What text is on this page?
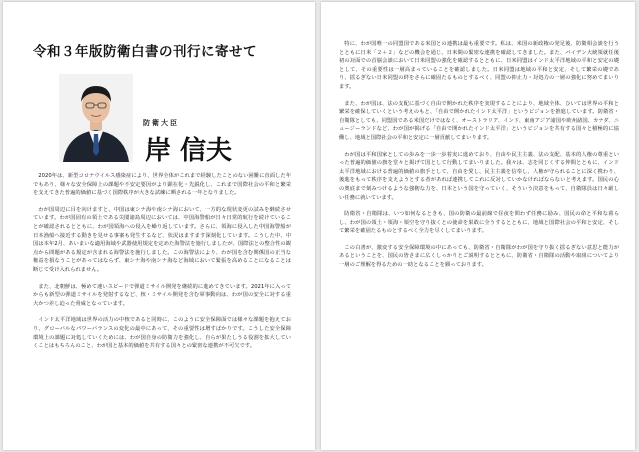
令和３年版防衛白書の刊行に寄せて
防衛大臣
岸 信夫

2020年は、新型コロナウイルス感染症により、世界全体がこれまで経験したことのない困難に直面した年でもあり、様々な安全保障上の課題や不安定要因がより顕在化・先鋭化し、これまで国際社会の平和と繁栄を支えてきた普遍的価値に基づく国際秩序が大きな試練に晒される一年となりました。

わが国周辺に目を向けますと、中国は東シナ海や南シナ海において、一方的な現状変更の試みを継続させています。わが国固有の領土である尖閣諸島周辺においては、中国海警船が日々日常的航行を続けていることが確認されるとともに、わが国領海への侵入を繰り返しています。さらに、領海に侵入した中国海警船が日本漁船へ接近する動きを見せる事案も発生するなど、状況はますます深刻化しています。こうした中、中国は本年2月、あいまいな適用海域や武器使用規定を定めた海警法を施行しましたが、国際法との整合性の観点から問題がある規定が含まれる海警法を施行しました。この海警法により、わが国を含む関係国の正当な権益を損なうことがあってはならず、東シナ海や南シナ海など海域において緊張を高めることになることは断じて受け入れられません。

また、北朝鮮は、極めて速いスピードで弾道ミサイル開発を継続的に進めてきています。2021年に入ってからも新型の弾道ミサイルを発射するなど、核・ミサイル開発を含む軍事動向は、わが国の安全に対する重大かつ差し迫った脅威となっています。

インド太平洋地域は世界の活力の中核であると同時に、このように安全保障面では様々な課題を抱えており、グローバルなパワーバランスの変化の最中にあって、その重要性は増すばかりです。こうした安全保障環境上の課題に対処していくためには、わが国自身の防衛力を強化し、自らが果たしうる役割を拡大していくことはもちろんのこと、わが国と基本的価値を共有する国々との緊密な連携が不可欠です。

特に、わが国唯一の同盟国である米国との連携は最も重要です。私は、米国の新政権の発足後、防衛相会談を行うとともに日米「２＋２」などの機会を通じ、日米間の緊密な連携を確認してきました。また、バイデン大統領就任後初の対面での首脳会談において日米同盟の強化を確認するとともに、日米同盟はインド太平洋地域の平和と安定の礎として、その重要性は一層高まっていることを確認しました。日米同盟は地域の平和と安定、そして繁栄の礎であり、揺るぎない日米同盟の絆をさらに確固たるものとするべく、同盟の抑止力・対処力の一層の強化に努めてまいります。

また、わが国は、法の支配に基づく自由で開かれた秩序を実現することにより、地域全体、ひいては世界の平和と繁栄を確保していくという考えのもと、「自由で開かれたインド太平洋」というビジョンを推進しています。防衛省・自衛隊としても、同盟国である米国だけではなく、オーストラリア、インド、東南アジア諸国や欧州諸国、カナダ、ニュージーランドなど、わが国が掲げる「自由で開かれたインド太平洋」というビジョンを共有する国々と積極的に協働し、地域と国際社会の平和と安定に一層貢献してまいります。

わが国は平和国家としての歩みを一歩一歩着実に進めており、自由や民主主義、法の支配、基本的人権の尊重といった普遍的価値の旗を堂々と掲げて国として行動してまいりました。我々は、志を同じくする仲間とともに、インド太平洋地域における普遍的価値の旗手として、自由を愛し、民主主義を信奉し、人権が守られることに深く携わり、後進をもって秩序を支えようとする者があれば連携してこれに反対していかなければならないと考えます。国民の心の奥底まで刻みつけるような強靭な力を、日本という国を守っていく、そういう決意をもって、自衛隊員は日々厳しい任務に就いています。

防衛省・自衛隊は、いつ如何なるときも、国の防衛の最前線で昼夜を問わず任務に励み、国民の命と平和な暮らし、わが国の領土・領海・領空を守り抜くとの使命を果敢に全うするとともに、地域と国際社会の平和と安定、そして繁栄を確固たるものとするべく全力を尽くしてまいります。

この白書が、激変する安全保障環境の中にあっても、防衛省・自衛隊がわが国を守り抜く揺るぎない意思と能力があるということを、国民の皆さまに広くしっかりとご説明するとともに、防衛省・自衛隊の活動や取組についてより一層のご理解を得るための一助となることを願っております。
